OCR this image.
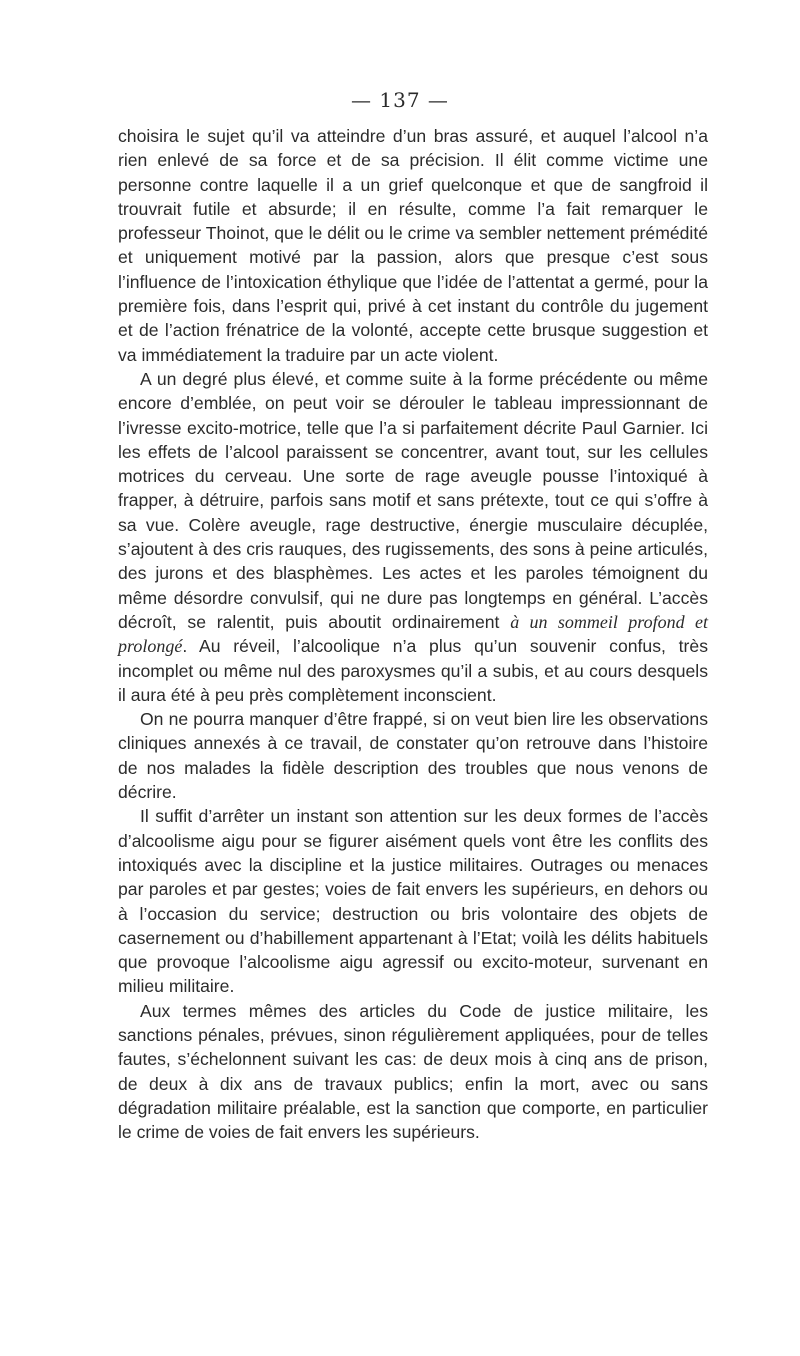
— 137 —

choisira le sujet qu’il va atteindre d’un bras assuré, et auquel l’alcool n’a rien enlevé de sa force et de sa précision. Il élit comme victime une personne contre laquelle il a un grief quelconque et que de sangfroid il trouvrait futile et absurde; il en résulte, comme l’a fait remarquer le professeur Thoinot, que le délit ou le crime va sembler nettement prémédité et uniquement motivé par la passion, alors que presque c’est sous l’influence de l’intoxication éthylique que l’idée de l’attentat a germé, pour la première fois, dans l’esprit qui, privé à cet instant du contrôle du jugement et de l’action frénatrice de la volonté, accepte cette brusque suggestion et va immédiatement la traduire par un acte violent.

A un degré plus élevé, et comme suite à la forme précédente ou même encore d’emblée, on peut voir se dérouler le tableau impressionnant de l’ivresse excito-motrice, telle que l’a si parfaitement décrite Paul Garnier. Ici les effets de l’alcool paraissent se concentrer, avant tout, sur les cellules motrices du cerveau. Une sorte de rage aveugle pousse l’intoxiqué à frapper, à détruire, parfois sans motif et sans prétexte, tout ce qui s’offre à sa vue. Colère aveugle, rage destructive, énergie musculaire décuplée, s’ajoutent à des cris rauques, des rugissements, des sons à peine articulés, des jurons et des blasphèmes. Les actes et les paroles témoignent du même désordre convulsif, qui ne dure pas longtemps en général. L’accès décroît, se ralentit, puis aboutit ordinairement à un sommeil profond et prolongé. Au réveil, l’alcoolique n’a plus qu’un souvenir confus, très incomplet ou même nul des paroxysmes qu’il a subis, et au cours desquels il aura été à peu près complètement inconscient.

On ne pourra manquer d’être frappé, si on veut bien lire les observations cliniques annexés à ce travail, de constater qu’on retrouve dans l’histoire de nos malades la fidèle description des troubles que nous venons de décrire.

Il suffit d’arrêter un instant son attention sur les deux formes de l’accès d’alcoolisme aigu pour se figurer aisément quels vont être les conflits des intoxiqués avec la discipline et la justice militaires. Outrages ou menaces par paroles et par gestes; voies de fait envers les supérieurs, en dehors ou à l’occasion du service; destruction ou bris volontaire des objets de casernement ou d’habillement appartenant à l’Etat; voilà les délits habituels que provoque l’alcoolisme aigu agressif ou excito-moteur, survenant en milieu militaire.

Aux termes mêmes des articles du Code de justice militaire, les sanctions pénales, prévues, sinon régulièrement appliquées, pour de telles fautes, s’échelonnent suivant les cas: de deux mois à cinq ans de prison, de deux à dix ans de travaux publics; enfin la mort, avec ou sans dégradation militaire préalable, est la sanction que comporte, en particulier le crime de voies de fait envers les supérieurs.
